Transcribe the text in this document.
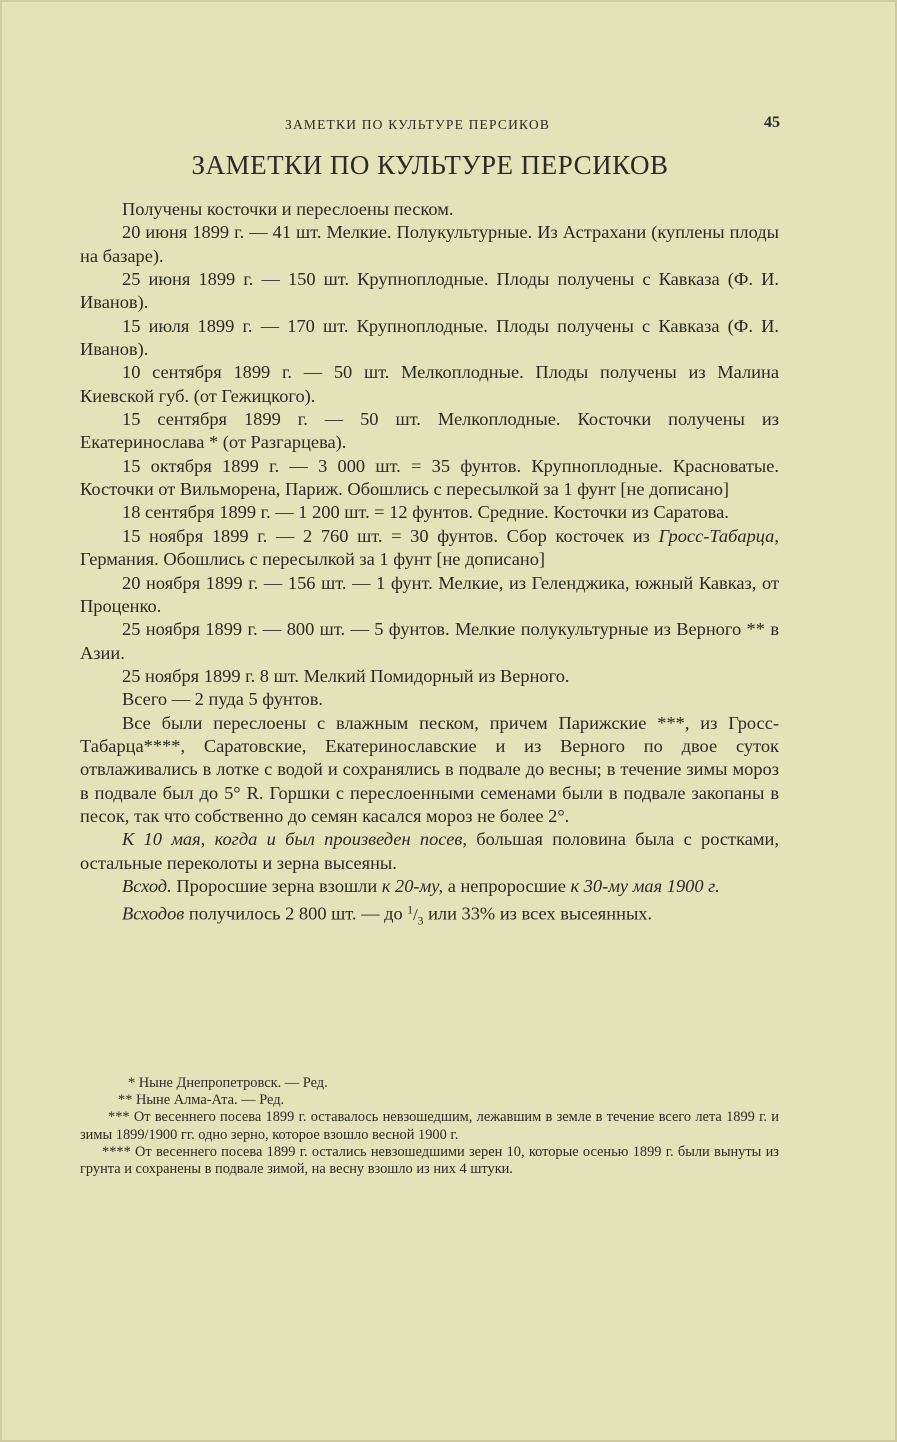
ЗАМЕТКИ ПО КУЛЬТУРЕ ПЕРСИКОВ	45
ЗАМЕТКИ ПО КУЛЬТУРЕ ПЕРСИКОВ

Получены косточки и переслоены песком.

20 июня 1899 г. — 41 шт. Мелкие. Полукультурные. Из Астрахани (куплены плоды на базаре).

25 июня 1899 г. — 150 шт. Крупноплодные. Плоды получены с Кавказа (Ф. И. Иванов).

15 июля 1899 г. — 170 шт. Крупноплодные. Плоды получены с Кавказа (Ф. И. Иванов).

10 сентября 1899 г. — 50 шт. Мелкоплодные. Плоды получены из Малина Киевской губ. (от Гежицкого).

15 сентября 1899 г. — 50 шт. Мелкоплодные. Косточки получены из Екатеринослава * (от Разгарцева).

15 октября 1899 г. — 3 000 шт. = 35 фунтов. Крупноплодные. Красноватые. Косточки от Вильморена, Париж. Обошлись с пересылкой за 1 фунт [не дописано]

18 сентября 1899 г. — 1 200 шт. = 12 фунтов. Средние. Косточки из Саратова.

15 ноября 1899 г. — 2 760 шт. = 30 фунтов. Сбор косточек из Гросс-Табарца, Германия. Обошлись с пересылкой за 1 фунт [не дописано]

20 ноября 1899 г. — 156 шт. — 1 фунт. Мелкие, из Геленджика, южный Кавказ, от Проценко.

25 ноября 1899 г. — 800 шт. — 5 фунтов. Мелкие полукультурные из Верного ** в Азии.

25 ноября 1899 г. 8 шт. Мелкий Помидорный из Верного.

Всего — 2 пуда 5 фунтов.

Все были переслоены с влажным песком, причем Парижские ***, из Гросс-Табарца****, Саратовские, Екатеринославские и из Верного по двое суток отвлаживались в лотке с водой и сохранялись в подвале до весны; в течение зимы мороз в подвале был до 5° R. Горшки с переслоенными семенами были в подвале закопаны в песок, так что собственно до семян касался мороз не более 2°.

К 10 мая, когда и был произведен посев, большая половина была с ростками, остальные переколоты и зерна высеяны.

Всход. Проросшие зерна взошли к 20-му, а непроросшие к 30-му мая 1900 г.

Всходов получилось 2 800 шт. — до $^1/_3$ или 33% из всех высеянных.

* Ныне Днепропетровск. — Ред.

** Ныне Алма-Ата. — Ред.

*** От весеннего посева 1899 г. оставалось невзошедшим, лежавшим в земле в течение всего лета 1899 г. и зимы 1899/1900 гг. одно зерно, которое взошло весной 1900 г.

**** От весеннего посева 1899 г. остались невзошедшими зерен 10, которые осенью 1899 г. были вынуты из грунта и сохранены в подвале зимой, на весну взошло из них 4 штуки.
